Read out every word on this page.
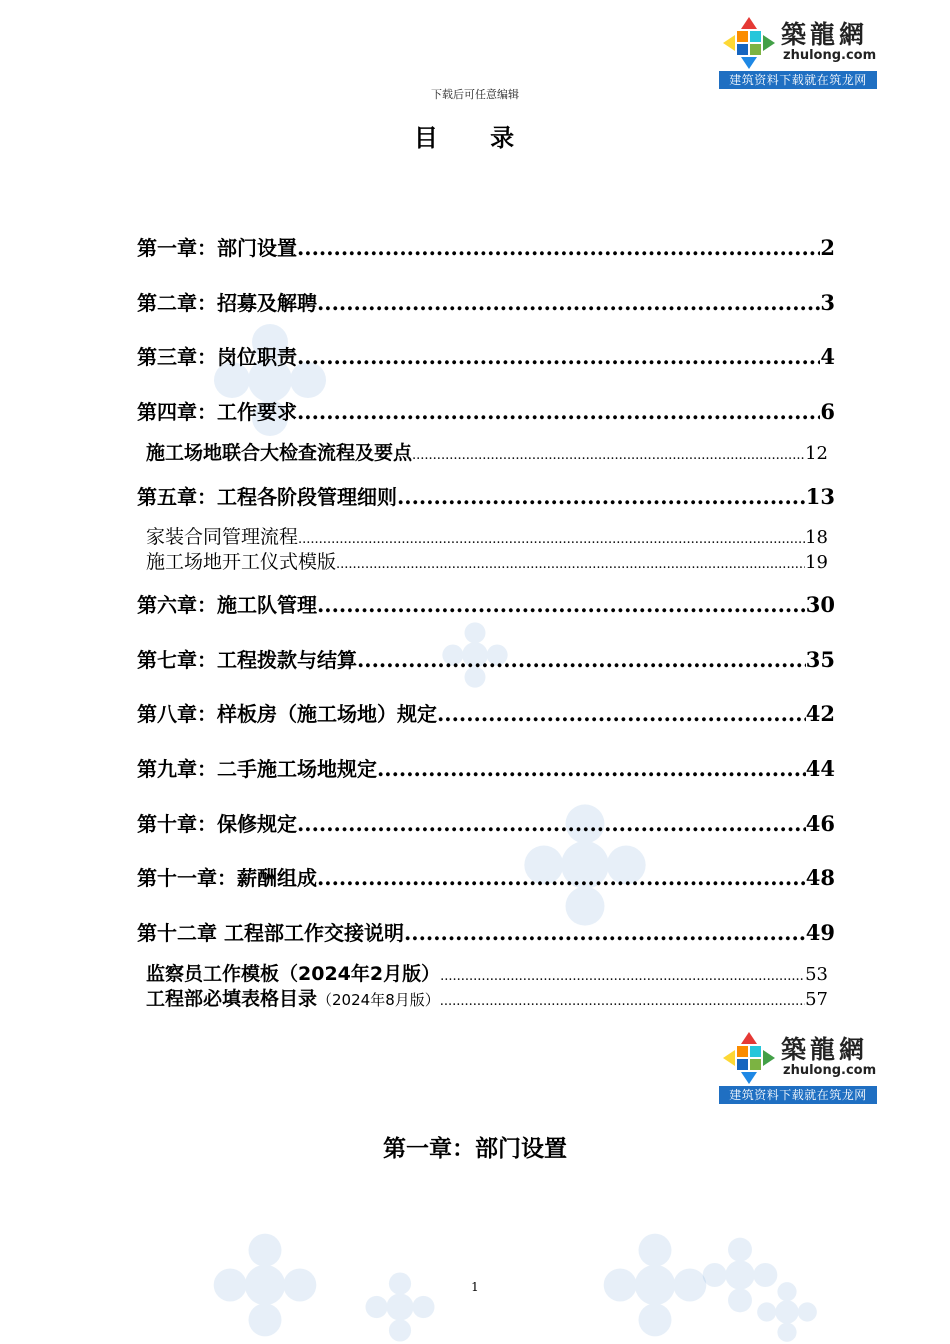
築龍網
zhulong.com
建筑资料下载就在筑龙网
下载后可任意编辑
目 录
第一章：部门设置 .....	2
第二章：招募及解聘 .....	3
第三章：岗位职责 .....	4
第四章：工作要求 .....	6
施工场地联合大检查流程及要点 .....	12
第五章：工程各阶段管理细则 .....	13
家装合同管理流程 .....	18
施工场地开工仪式模版 .....	19
第六章：施工队管理 .....	30
第七章：工程拨款与结算 .....	35
第八章：样板房（施工场地）规定 .....	42
第九章：二手施工场地规定 .....	44
第十章：保修规定 .....	46
第十一章：薪酬组成 .....	48
第十二章 工程部工作交接说明 .....	49
监察员工作模板（2024年2月版） .....	53
工程部必填表格目录（2024年8月版） .....	57
築龍網
zhulong.com
建筑资料下载就在筑龙网
第一章：部门设置
1
